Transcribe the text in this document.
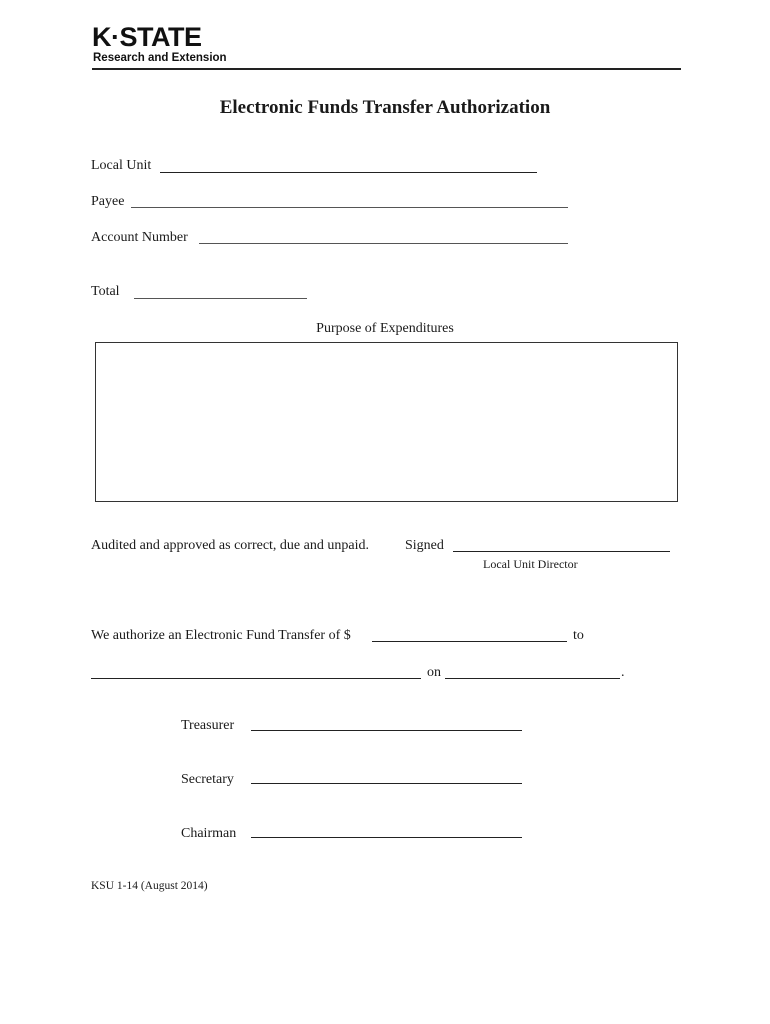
K·STATE
Research and Extension
Electronic Funds Transfer Authorization
Local Unit
Payee
Account Number
Total
Purpose of Expenditures
Audited and approved as correct, due and unpaid.	Signed
Local Unit Director
We authorize an Electronic Fund Transfer of $	to
on	.
Treasurer
Secretary
Chairman
KSU 1-14 (August 2014)
